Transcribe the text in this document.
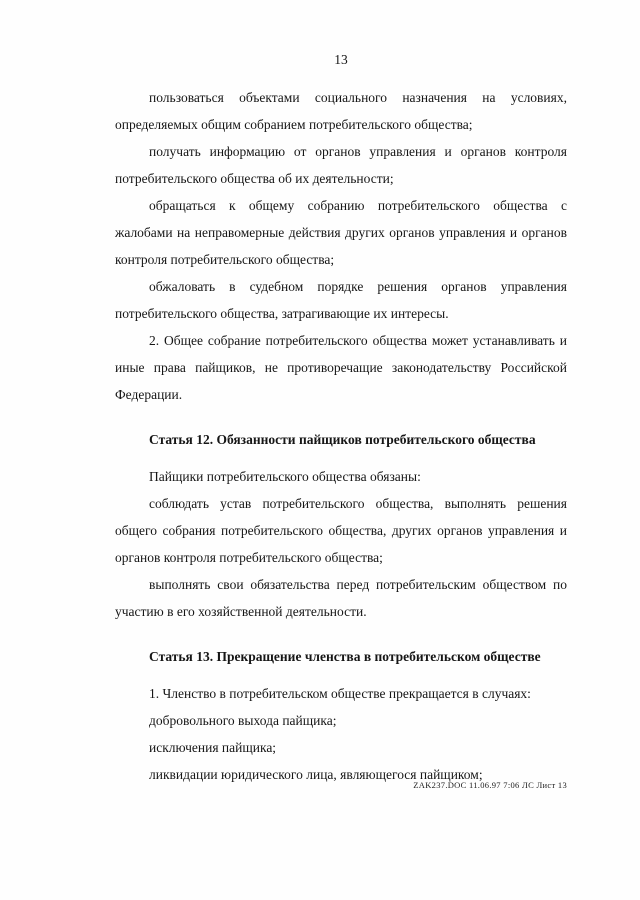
13

пользоваться объектами социального назначения на условиях, определяемых общим собранием потребительского общества;

получать информацию от органов управления и органов контроля потребительского общества об их деятельности;

обращаться к общему собранию потребительского общества с жалобами на неправомерные действия других органов управления и органов контроля потребительского общества;

обжаловать в судебном порядке решения органов управления потребительского общества, затрагивающие их интересы.

2. Общее собрание потребительского общества может устанавливать и иные права пайщиков, не противоречащие законодательству Российской Федерации.

Статья 12. Обязанности пайщиков потребительского общества

Пайщики потребительского общества обязаны:

соблюдать устав потребительского общества, выполнять решения общего собрания потребительского общества, других органов управления и органов контроля потребительского общества;

выполнять свои обязательства перед потребительским обществом по участию в его хозяйственной деятельности.

Статья 13. Прекращение членства в потребительском обществе

1. Членство в потребительском обществе прекращается в случаях:

добровольного выхода пайщика;

исключения пайщика;

ликвидации юридического лица, являющегося пайщиком;

ZAK237.DOC 11.06.97 7:06 ЛС Лист 13
